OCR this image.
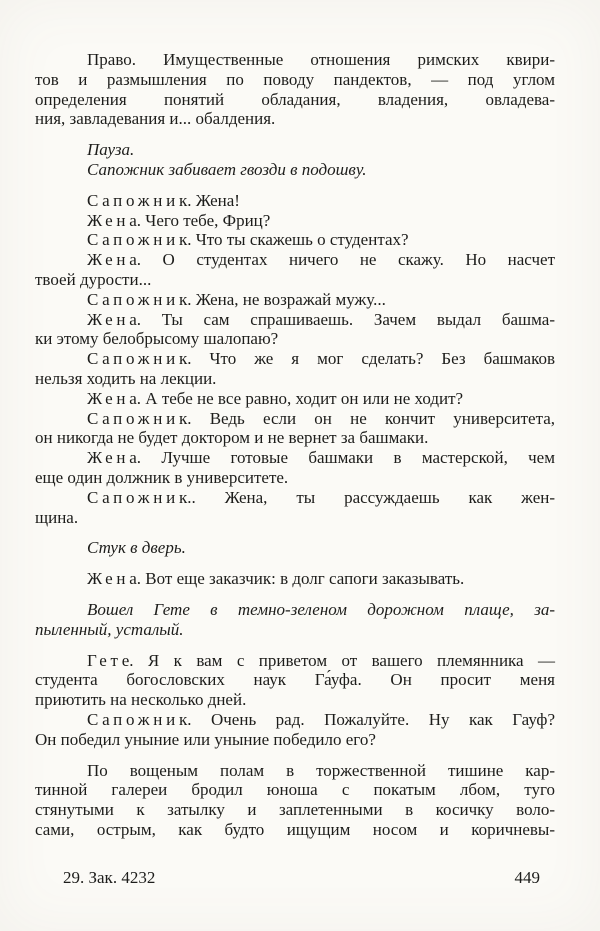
Право. Имущественные отношения римских квири-
тов и размышления по поводу пандектов, — под углом
определения понятий обладания, владения, овладева-
ния, завладевания и... обалдения.
Пауза.
Сапожник забивает гвозди в подошву.
Сапожник. Жена!
Жена. Чего тебе, Фриц?
Сапожник. Что ты скажешь о студентах?
Жена. О студентах ничего не скажу. Но насчет
твоей дурости...
Сапожник. Жена, не возражай мужу...
Жена. Ты сам спрашиваешь. Зачем выдал башма-
ки этому белобрысому шалопаю?
Сапожник. Что же я мог сделать? Без башмаков
нельзя ходить на лекции.
Жена. А тебе не все равно, ходит он или не ходит?
Сапожник. Ведь если он не кончит университета,
он никогда не будет доктором и не вернет за башмаки.
Жена. Лучше готовые башмаки в мастерской, чем
еще один должник в университете.
Сапожник.. Жена, ты рассуждаешь как жен-
щина.
Стук в дверь.
Жена. Вот еще заказчик: в долг сапоги заказывать.
Вошел Гете в темно-зеленом дорожном плаще, за-
пыленный, усталый.
Гете. Я к вам с приветом от вашего племянника —
студента богословских наук Га́уфа. Он просит меня
приютить на несколько дней.
Сапожник. Очень рад. Пожалуйте. Ну как Гауф?
Он победил уныние или уныние победило его?
По вощеным полам в торжественной тишине кар-
тинной галереи бродил юноша с покатым лбом, туго
стянутыми к затылку и заплетенными в косичку воло-
сами, острым, как будто ищущим носом и коричневы-
29. Зак. 4232	449
